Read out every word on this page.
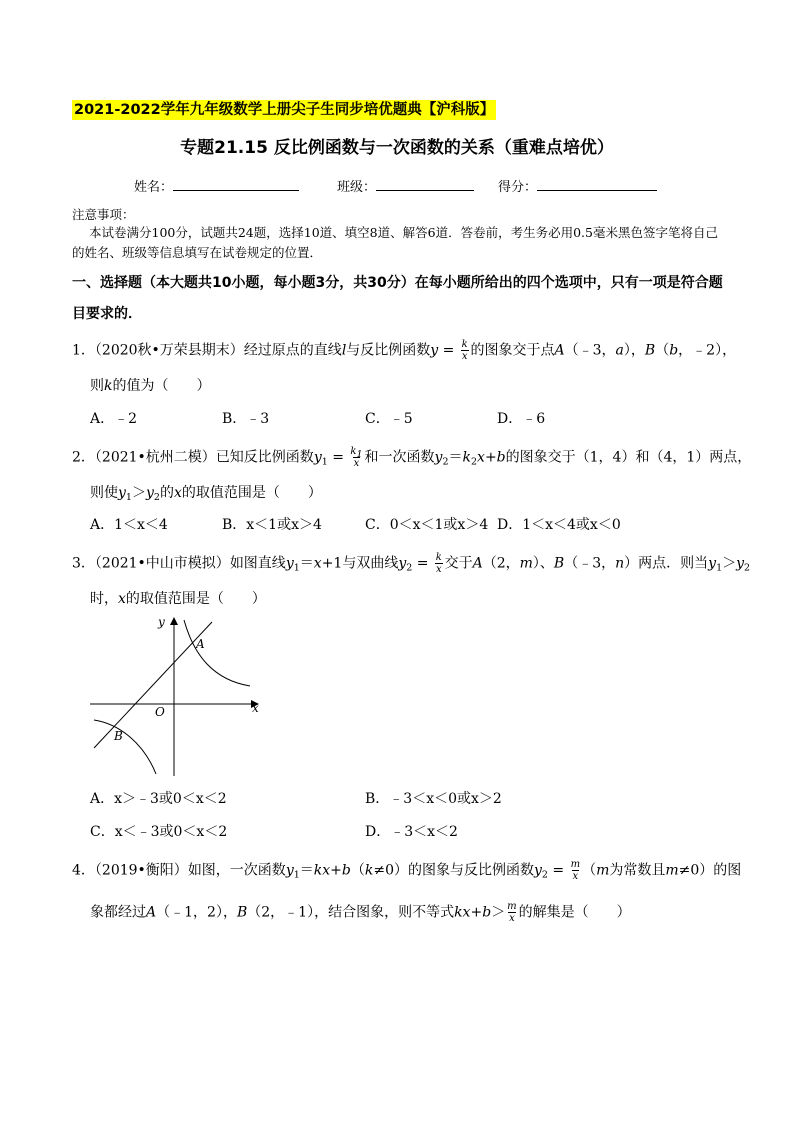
2021-2022学年九年级数学上册尖子生同步培优题典【沪科版】
专题21.15 反比例函数与一次函数的关系（重难点培优）
姓名：	班级：	得分：
注意事项：
本试卷满分100分，试题共24题，选择10道、填空8道、解答6道．答卷前，考生务必用0.5毫米黑色签字笔将自己的姓名、班级等信息填写在试卷规定的位置．
一、选择题（本大题共10小题，每小题3分，共30分）在每小题所给出的四个选项中，只有一项是符合题目要求的．
1．（2020秋•万荣县期末）经过原点的直线l与反比例函数$y = \frac{k}{x}$ 的图象交于点A（﹣3，a），B（b，﹣2），
则k的值为（　　）
A．﹣2	B．﹣3	C．﹣5	D．﹣6
2．（2021•杭州二模）已知反比例函数$y_1 = \frac{k_1}{x}$ 和一次函数$y_2=k_2x+b$的图象交于（1，4）和（4，1）两点，
则使$y_1>y_2$的x的取值范围是（　　）
A．1＜x＜4	B．x＜1或x＞4	C．0＜x＜1或x＞4 D．1＜x＜4或x＜0
3．（2021•中山市模拟）如图直线$y_1=x+1$与双曲线$y_2 = \frac{k}{x}$ 交于A（2，m）、B（﹣3，n）两点．则当$y_1>y_2$
时，x的取值范围是（　　）
y
x
O
A
B
A．x＞﹣3或0＜x＜2	B．﹣3＜x＜0或x＞2
C．x＜﹣3或0＜x＜2	D．﹣3＜x＜2
4．（2019•衡阳）如图，一次函数$y_1=kx+b(k\ne 0)$的图象与反比例函数$y_2 = \frac{m}{x} (m$为常数且m≠0）的图
象都经过A（﹣1，2），B（2，﹣1），结合图象，则不等式$kx+b> \frac{m}{x}$ 的解集是（　　）
